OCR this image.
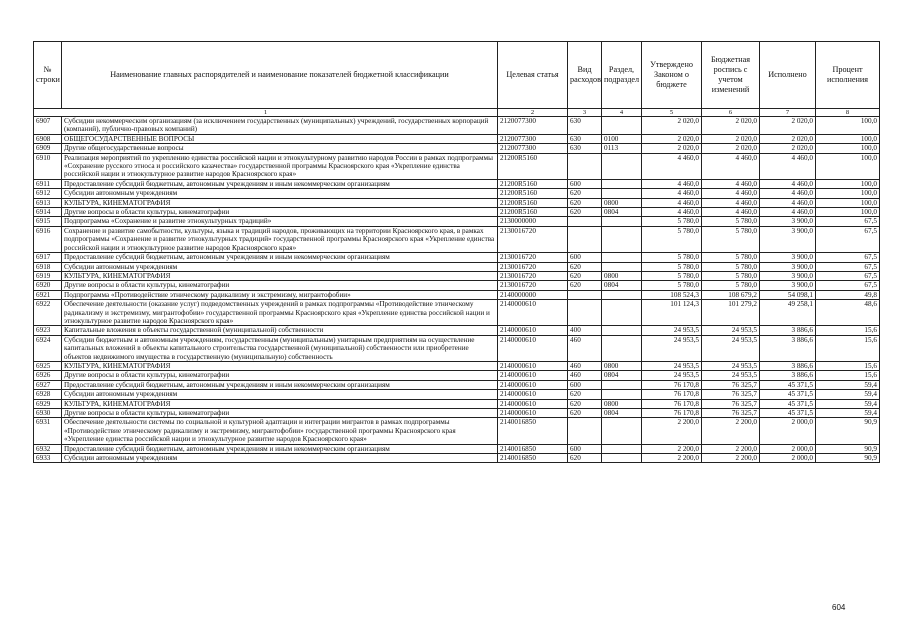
№ строки	Наименование главных распорядителей и наименование показателей бюджетной классификации	Целевая статья	Вид расходов	Раздел, подраздел	Утверждено Законом о бюджете	Бюджетная роспись с учетом изменений	Исполнено	Процент исполнения
1		2	3	4	5	6	7	8
6907	Субсидии некоммерческим организациям (за исключением государственных (муниципальных) учреждений, государственных корпораций (компаний), публично-правовых компаний)	2120077300	630		2 020,0	2 020,0	2 020,0	100,0
6908	ОБЩЕГОСУДАРСТВЕННЫЕ ВОПРОСЫ	2120077300	630	0100	2 020,0	2 020,0	2 020,0	100,0
6909	Другие общегосударственные вопросы	2120077300	630	0113	2 020,0	2 020,0	2 020,0	100,0
6910	Реализация мероприятий по укреплению единства российской нации и этнокультурному развитию народов России в рамках подпрограммы «Сохранение русского этноса и российского казачества» государственной программы Красноярского края «Укрепление единства российской нации и этнокультурное развитие народов Красноярского края»	21200R5160			4 460,0	4 460,0	4 460,0	100,0
6911	Предоставление субсидий бюджетным, автономным учреждениям и иным некоммерческим организациям	21200R5160	600		4 460,0	4 460,0	4 460,0	100,0
6912	Субсидии автономным учреждениям	21200R5160	620		4 460,0	4 460,0	4 460,0	100,0
6913	КУЛЬТУРА, КИНЕМАТОГРАФИЯ	21200R5160	620	0800	4 460,0	4 460,0	4 460,0	100,0
6914	Другие вопросы в области культуры, кинематографии	21200R5160	620	0804	4 460,0	4 460,0	4 460,0	100,0
6915	Подпрограмма «Сохранение и развитие этнокультурных традиций»	2130000000			5 780,0	5 780,0	3 900,0	67,5
6916	Сохранение и развитие самобытности, культуры, языка и традиций народов, проживающих на территории Красноярского края, в рамках подпрограммы «Сохранение и развитие этнокультурных традиций» государственной программы Красноярского края «Укрепление единства российской нации и этнокультурное развитие народов Красноярского края»	2130016720			5 780,0	5 780,0	3 900,0	67,5
6917	Предоставление субсидий бюджетным, автономным учреждениям и иным некоммерческим организациям	2130016720	600		5 780,0	5 780,0	3 900,0	67,5
6918	Субсидии автономным учреждениям	2130016720	620		5 780,0	5 780,0	3 900,0	67,5
6919	КУЛЬТУРА, КИНЕМАТОГРАФИЯ	2130016720	620	0800	5 780,0	5 780,0	3 900,0	67,5
6920	Другие вопросы в области культуры, кинематографии	2130016720	620	0804	5 780,0	5 780,0	3 900,0	67,5
6921	Подпрограмма «Противодействие этническому радикализму и экстремизму, мигрантофобии»	2140000000			108 524,3	108 679,2	54 098,1	49,8
6922	Обеспечение деятельности (оказание услуг) подведомственных учреждений в рамках подпрограммы «Противодействие этническому радикализму и экстремизму, мигрантофобии» государственной программы Красноярского края «Укрепление единства российской нации и этнокультурное развитие народов Красноярского края»	2140000610			101 124,3	101 279,2	49 258,1	48,6
6923	Капитальные вложения в объекты государственной (муниципальной) собственности	2140000610	400		24 953,5	24 953,5	3 886,6	15,6
6924	Субсидии бюджетным и автономным учреждениям, государственным (муниципальным) унитарным предприятиям на осуществление капитальных вложений в объекты капитального строительства государственной (муниципальной) собственности или приобретение объектов недвижимого имущества в государственную (муниципальную) собственность	2140000610	460		24 953,5	24 953,5	3 886,6	15,6
6925	КУЛЬТУРА, КИНЕМАТОГРАФИЯ	2140000610	460	0800	24 953,5	24 953,5	3 886,6	15,6
6926	Другие вопросы в области культуры, кинематографии	2140000610	460	0804	24 953,5	24 953,5	3 886,6	15,6
6927	Предоставление субсидий бюджетным, автономным учреждениям и иным некоммерческим организациям	2140000610	600		76 170,8	76 325,7	45 371,5	59,4
6928	Субсидии автономным учреждениям	2140000610	620		76 170,8	76 325,7	45 371,5	59,4
6929	КУЛЬТУРА, КИНЕМАТОГРАФИЯ	2140000610	620	0800	76 170,8	76 325,7	45 371,5	59,4
6930	Другие вопросы в области культуры, кинематографии	2140000610	620	0804	76 170,8	76 325,7	45 371,5	59,4
6931	Обеспечение деятельности системы по социальной и культурной адаптации и интеграции мигрантов в рамках подпрограммы «Противодействие этническому радикализму и экстремизму, мигрантофобии» государственной программы Красноярского края «Укрепление единства российской нации и этнокультурное развитие народов Красноярского края»	2140016850			2 200,0	2 200,0	2 000,0	90,9
6932	Предоставление субсидий бюджетным, автономным учреждениям и иным некоммерческим организациям	2140016850	600		2 200,0	2 200,0	2 000,0	90,9
6933	Субсидии автономным учреждениям	2140016850	620		2 200,0	2 200,0	2 000,0	90,9
604
